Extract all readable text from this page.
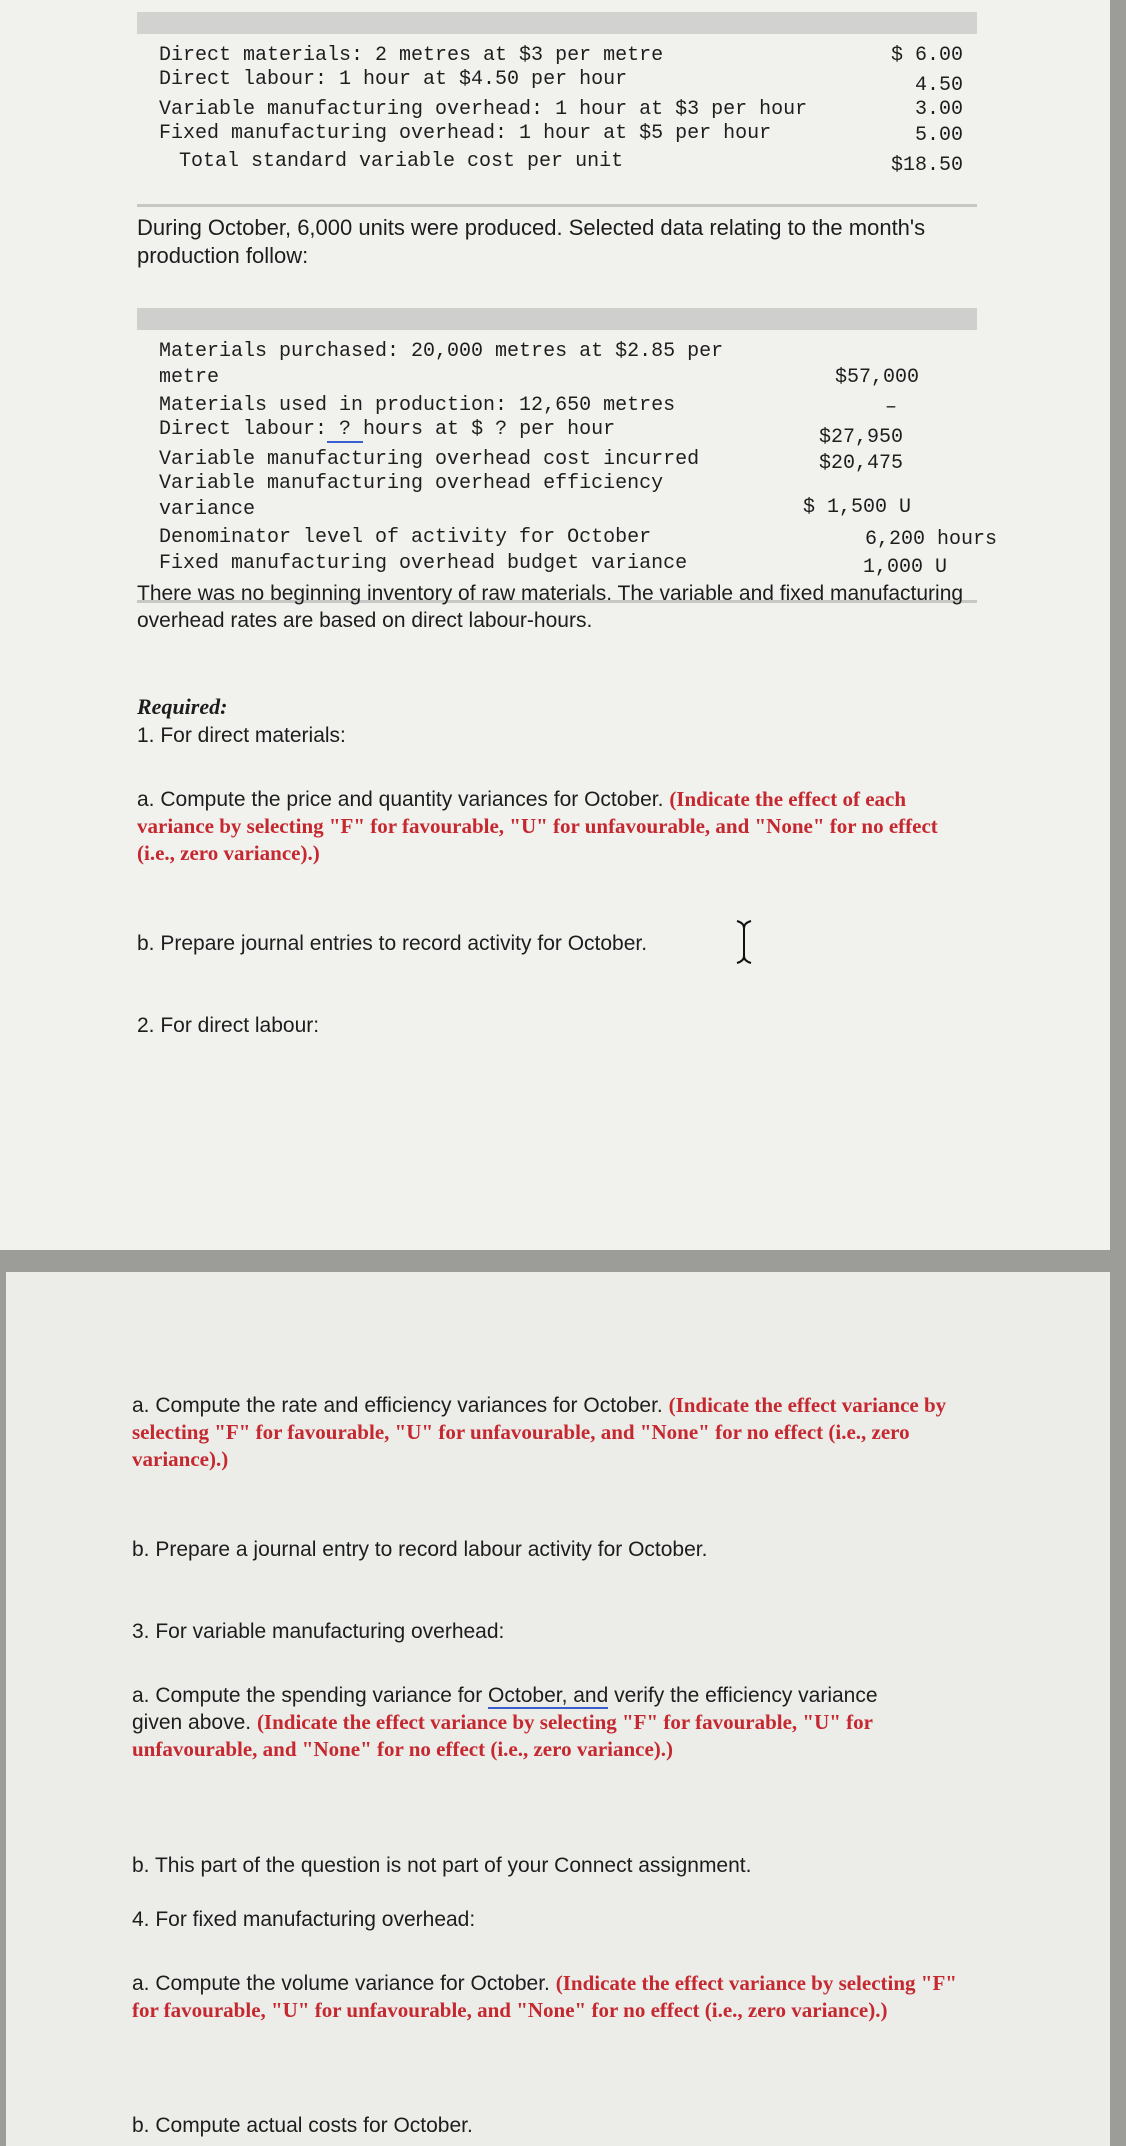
Direct materials: 2 metres at $3 per metre	$ 6.00
Direct labour: 1 hour at $4.50 per hour	4.50
Variable manufacturing overhead: 1 hour at $3 per hour	3.00
Fixed manufacturing overhead: 1 hour at $5 per hour	5.00
Total standard variable cost per unit	$18.50
During October, 6,000 units were produced. Selected data relating to the month's production follow:
Materials purchased: 20,000 metres at $2.85 per
metre	$57,000
Materials used in production: 12,650 metres	–
Direct labour: ? hours at $ ? per hour	$27,950
Variable manufacturing overhead cost incurred	$20,475
Variable manufacturing overhead efficiency
variance	$ 1,500 U
Denominator level of activity for October	6,200 hours
Fixed manufacturing overhead budget variance	1,000 U
There was no beginning inventory of raw materials. The variable and fixed manufacturing overhead rates are based on direct labour-hours.
Required:
1. For direct materials:
a. Compute the price and quantity variances for October. (Indicate the effect of each variance by selecting "F" for favourable, "U" for unfavourable, and "None" for no effect (i.e., zero variance).)
b. Prepare journal entries to record activity for October.
2. For direct labour:
a. Compute the rate and efficiency variances for October. (Indicate the effect variance by selecting "F" for favourable, "U" for unfavourable, and "None" for no effect (i.e., zero variance).)
b. Prepare a journal entry to record labour activity for October.
3. For variable manufacturing overhead:
a. Compute the spending variance for October, and verify the efficiency variance given above. (Indicate the effect variance by selecting "F" for favourable, "U" for unfavourable, and "None" for no effect (i.e., zero variance).)
b. This part of the question is not part of your Connect assignment.
4. For fixed manufacturing overhead:
a. Compute the volume variance for October. (Indicate the effect variance by selecting "F" for favourable, "U" for unfavourable, and "None" for no effect (i.e., zero variance).)
b. Compute actual costs for October.
